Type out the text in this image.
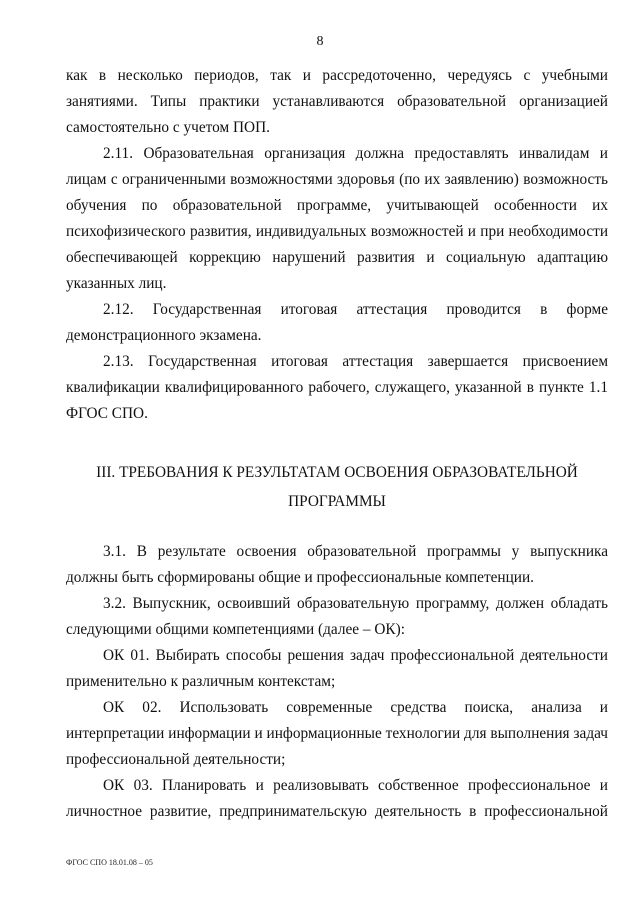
8

как в несколько периодов, так и рассредоточенно, чередуясь с учебными занятиями. Типы практики устанавливаются образовательной организацией самостоятельно с учетом ПОП.

2.11. Образовательная организация должна предоставлять инвалидам и лицам с ограниченными возможностями здоровья (по их заявлению) возможность обучения по образовательной программе, учитывающей особенности их психофизического развития, индивидуальных возможностей и при необходимости обеспечивающей коррекцию нарушений развития и социальную адаптацию указанных лиц.

2.12. Государственная итоговая аттестация проводится в форме демонстрационного экзамена.

2.13. Государственная итоговая аттестация завершается присвоением квалификации квалифицированного рабочего, служащего, указанной в пункте 1.1 ФГОС СПО.

III. ТРЕБОВАНИЯ К РЕЗУЛЬТАТАМ ОСВОЕНИЯ ОБРАЗОВАТЕЛЬНОЙ
ПРОГРАММЫ

3.1. В результате освоения образовательной программы у выпускника должны быть сформированы общие и профессиональные компетенции.

3.2. Выпускник, освоивший образовательную программу, должен обладать следующими общими компетенциями (далее – ОК):

ОК 01. Выбирать способы решения задач профессиональной деятельности применительно к различным контекстам;

ОК 02. Использовать современные средства поиска, анализа и интерпретации информации и информационные технологии для выполнения задач профессиональной деятельности;

ОК 03. Планировать и реализовывать собственное профессиональное и личностное развитие, предпринимательскую деятельность в профессиональной

ФГОС СПО 18.01.08 – 05
